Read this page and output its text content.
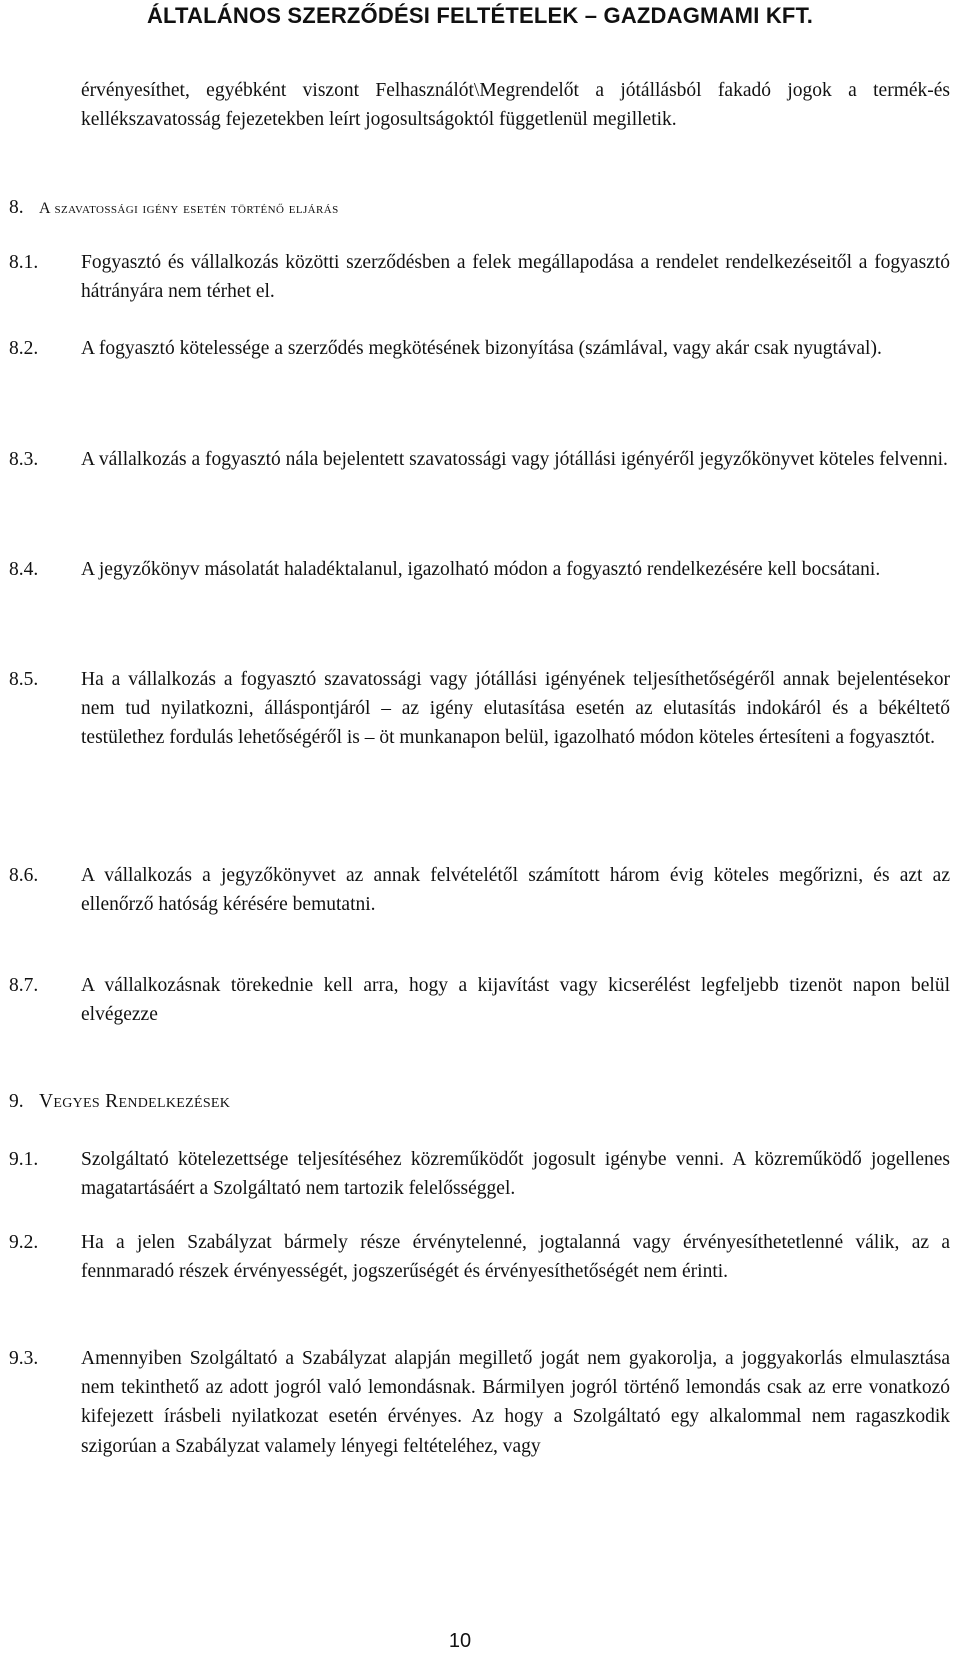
ÁLTALÁNOS SZERZŐDÉSI FELTÉTELEK – GAZDAGMAMI KFT.
érvényesíthet, egyébként viszont Felhasználót\Megrendelőt a jótállásból fakadó jogok a termék-és kellékszavatosság fejezetekben leírt jogosultságoktól függetlenül megilletik.
8. A szavatossági igény esetén történő eljárás
8.1. Fogyasztó és vállalkozás közötti szerződésben a felek megállapodása a rendelet rendelkezéseitől a fogyasztó hátrányára nem térhet el.
8.2. A fogyasztó kötelessége a szerződés megkötésének bizonyítása (számlával, vagy akár csak nyugtával).
8.3. A vállalkozás a fogyasztó nála bejelentett szavatossági vagy jótállási igényéről jegyzőkönyvet köteles felvenni.
8.4. A jegyzőkönyv másolatát haladéktalanul, igazolható módon a fogyasztó rendelkezésére kell bocsátani.
8.5. Ha a vállalkozás a fogyasztó szavatossági vagy jótállási igényének teljesíthetőségéről annak bejelentésekor nem tud nyilatkozni, álláspontjáról – az igény elutasítása esetén az elutasítás indokáról és a békéltető testülethez fordulás lehetőségéről is – öt munkanapon belül, igazolható módon köteles értesíteni a fogyasztót.
8.6. A vállalkozás a jegyzőkönyvet az annak felvételétől számított három évig köteles megőrizni, és azt az ellenőrző hatóság kérésére bemutatni.
8.7. A vállalkozásnak törekednie kell arra, hogy a kijavítást vagy kicserélést legfeljebb tizenöt napon belül elvégezze
9. Vegyes Rendelkezések
9.1. Szolgáltató kötelezettsége teljesítéséhez közreműködőt jogosult igénybe venni. A közreműködő jogellenes magatartásáért a Szolgáltató nem tartozik felelősséggel.
9.2. Ha a jelen Szabályzat bármely része érvénytelenné, jogtalanná vagy érvényesíthetetlenné válik, az a fennmaradó részek érvényességét, jogszerűségét és érvényesíthetőségét nem érinti.
9.3. Amennyiben Szolgáltató a Szabályzat alapján megillető jogát nem gyakorolja, a joggyakorlás elmulasztása nem tekinthető az adott jogról való lemondásnak. Bármilyen jogról történő lemondás csak az erre vonatkozó kifejezett írásbeli nyilatkozat esetén érvényes. Az hogy a Szolgáltató egy alkalommal nem ragaszkodik szigorúan a Szabályzat valamely lényegi feltételéhez, vagy
10
